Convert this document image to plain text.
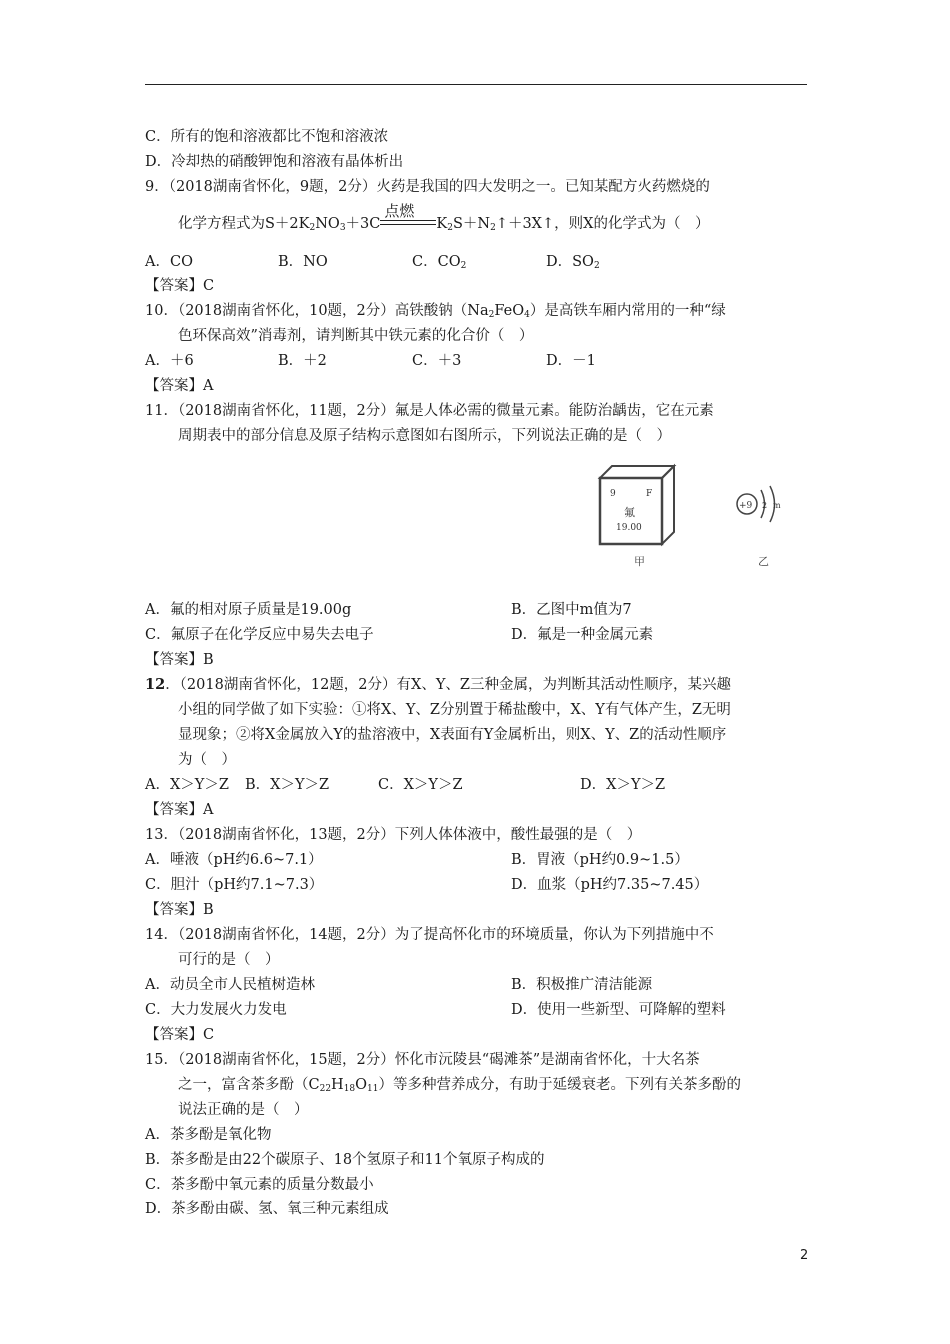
C．所有的饱和溶液都比不饱和溶液浓
D．冷却热的硝酸钾饱和溶液有晶体析出
9．（2018湖南省怀化，9题，2分）火药是我国的四大发明之一。已知某配方火药燃烧的
化学方程式为$S+2K_2NO_3+3C$
点燃
$K_2S+N_2↑+3X↑$，则X的化学式为（　）
A．CO	B．NO	C．$CO_2$	D．$SO_2$
【答案】C
10．（2018湖南省怀化，10题，2分）高铁酸钠$(Na_2FeO_4)$是高铁车厢内常用的一种“绿
色环保高效”消毒剂，请判断其中铁元素的化合价（　）
A．＋6	B．＋2	C．＋3	D．－1
【答案】A
11．（2018湖南省怀化，11题，2分）氟是人体必需的微量元素。能防治龋齿，它在元素
周期表中的部分信息及原子结构示意图如右图所示，下列说法正确的是（　）
9	F
氟
19.00
甲
+9 2 m
乙
A．氟的相对原子质量是19.00g	B．乙图中m值为7
C．氟原子在化学反应中易失去电子	D．氟是一种金属元素
【答案】B
12．（2018湖南省怀化，12题，2分）有X、Y、Z三种金属，为判断其活动性顺序，某兴趣
小组的同学做了如下实验：①将X、Y、Z分别置于稀盐酸中，X、Y有气体产生，Z无明
显现象；②将X金属放入Y的盐溶液中，X表面有Y金属析出，则X、Y、Z的活动性顺序
为（　）
A．X＞Y＞Z B．X＞Y＞Z	C．X＞Y＞Z	D．X＞Y＞Z
【答案】A
13．（2018湖南省怀化，13题，2分）下列人体体液中，酸性最强的是（　）
A．唾液（pH约6.6~7.1）	B．胃液（pH约0.9~1.5）
C．胆汁（pH约7.1~7.3）	D．血浆（pH约7.35~7.45）
【答案】B
14．（2018湖南省怀化，14题，2分）为了提高怀化市的环境质量，你认为下列措施中不
可行的是（　）
A．动员全市人民植树造林	B．积极推广清洁能源
C．大力发展火力发电	D．使用一些新型、可降解的塑料
【答案】C
15．（2018湖南省怀化，15题，2分）怀化市沅陵县“碣滩茶”是湖南省怀化，十大名茶
之一，富含茶多酚$(C_{22}H_{18}O_{11})$等多种营养成分，有助于延缓衰老。下列有关茶多酚的
说法正确的是（　）
A．茶多酚是氧化物
B．茶多酚是由22个碳原子、18个氢原子和11个氧原子构成的
C．茶多酚中氧元素的质量分数最小
D．茶多酚由碳、氢、氧三种元素组成
2
